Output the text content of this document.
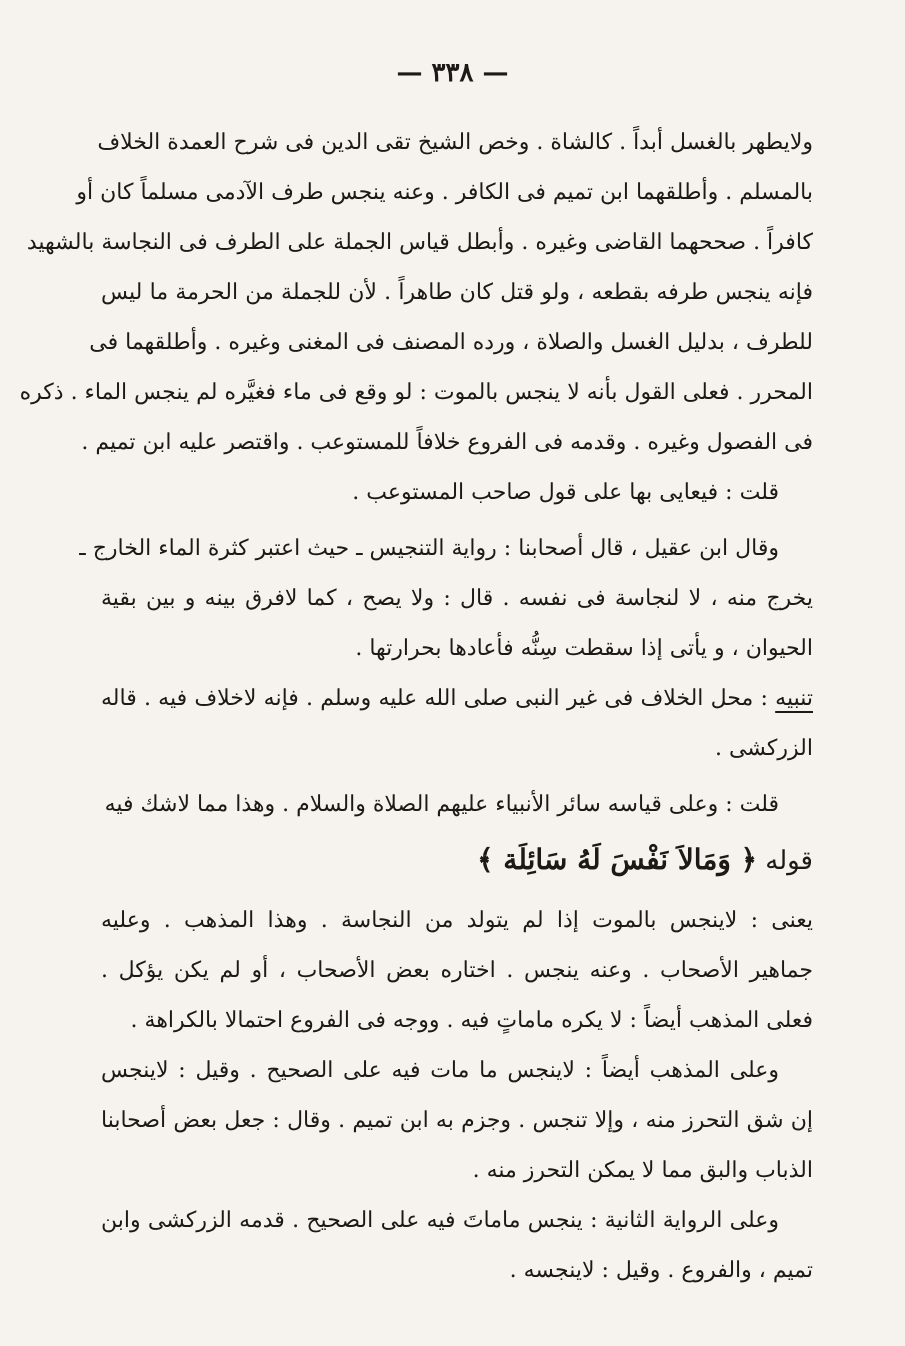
— ٣٣٨ —
ولايطهر بالغسل أبداً . كالشاة . وخص الشيخ تقى الدين فى شرح العمدة الخلاف
بالمسلم . وأطلقهما ابن تميم فى الكافر . وعنه ينجس طرف الآدمى مسلماً كان أو
كافراً . صححهما القاضى وغيره . وأبطل قياس الجملة على الطرف فى النجاسة بالشهيد
فإنه ينجس طرفه بقطعه ، ولو قتل كان طاهراً . لأن للجملة من الحرمة ما ليس
للطرف ، بدليل الغسل والصلاة ، ورده المصنف فى المغنى وغيره . وأطلقهما فى
المحرر . فعلى القول بأنه لا ينجس بالموت : لو وقع فى ماء فغيَّره لم ينجس الماء . ذكره
فى الفصول وغيره . وقدمه فى الفروع خلافاً للمستوعب . واقتصر عليه ابن تميم .
قلت : فيعايى بها على قول صاحب المستوعب .
وقال ابن عقيل ، قال أصحابنا : رواية التنجيس ـ حيث اعتبر كثرة الماء الخارج ـ
يخرج منه ، لا لنجاسة فى نفسه . قال : ولا يصح ، كما لافرق بينه و بين بقية
الحيوان ، و يأتى إذا سقطت سِنُّه فأعادها بحرارتها .
تنبيه : محل الخلاف فى غير النبى صلى الله عليه وسلم . فإنه لاخلاف فيه . قاله
الزركشى .
قلت : وعلى قياسه سائر الأنبياء عليهم الصلاة والسلام . وهذا مما لاشك فيه
قوله ﴿ وَمَالاَ نَفْسَ لَهُ سَائِلَة ﴾
يعنى : لاينجس بالموت إذا لم يتولد من النجاسة . وهذا المذهب . وعليه
جماهير الأصحاب . وعنه ينجس . اختاره بعض الأصحاب ، أو لم يكن يؤكل .
فعلى المذهب أيضاً : لا يكره ماماتٍ فيه . ووجه فى الفروع احتمالا بالكراهة .
وعلى المذهب أيضاً : لاينجس ما مات فيه على الصحيح . وقيل : لاينجس
إن شق التحرز منه ، وإلا تنجس . وجزم به ابن تميم . وقال : جعل بعض أصحابنا
الذباب والبق مما لا يمكن التحرز منه .
وعلى الرواية الثانية : ينجس ماماتَ فيه على الصحيح . قدمه الزركشى وابن
تميم ، والفروع . وقيل : لاينجسه .
